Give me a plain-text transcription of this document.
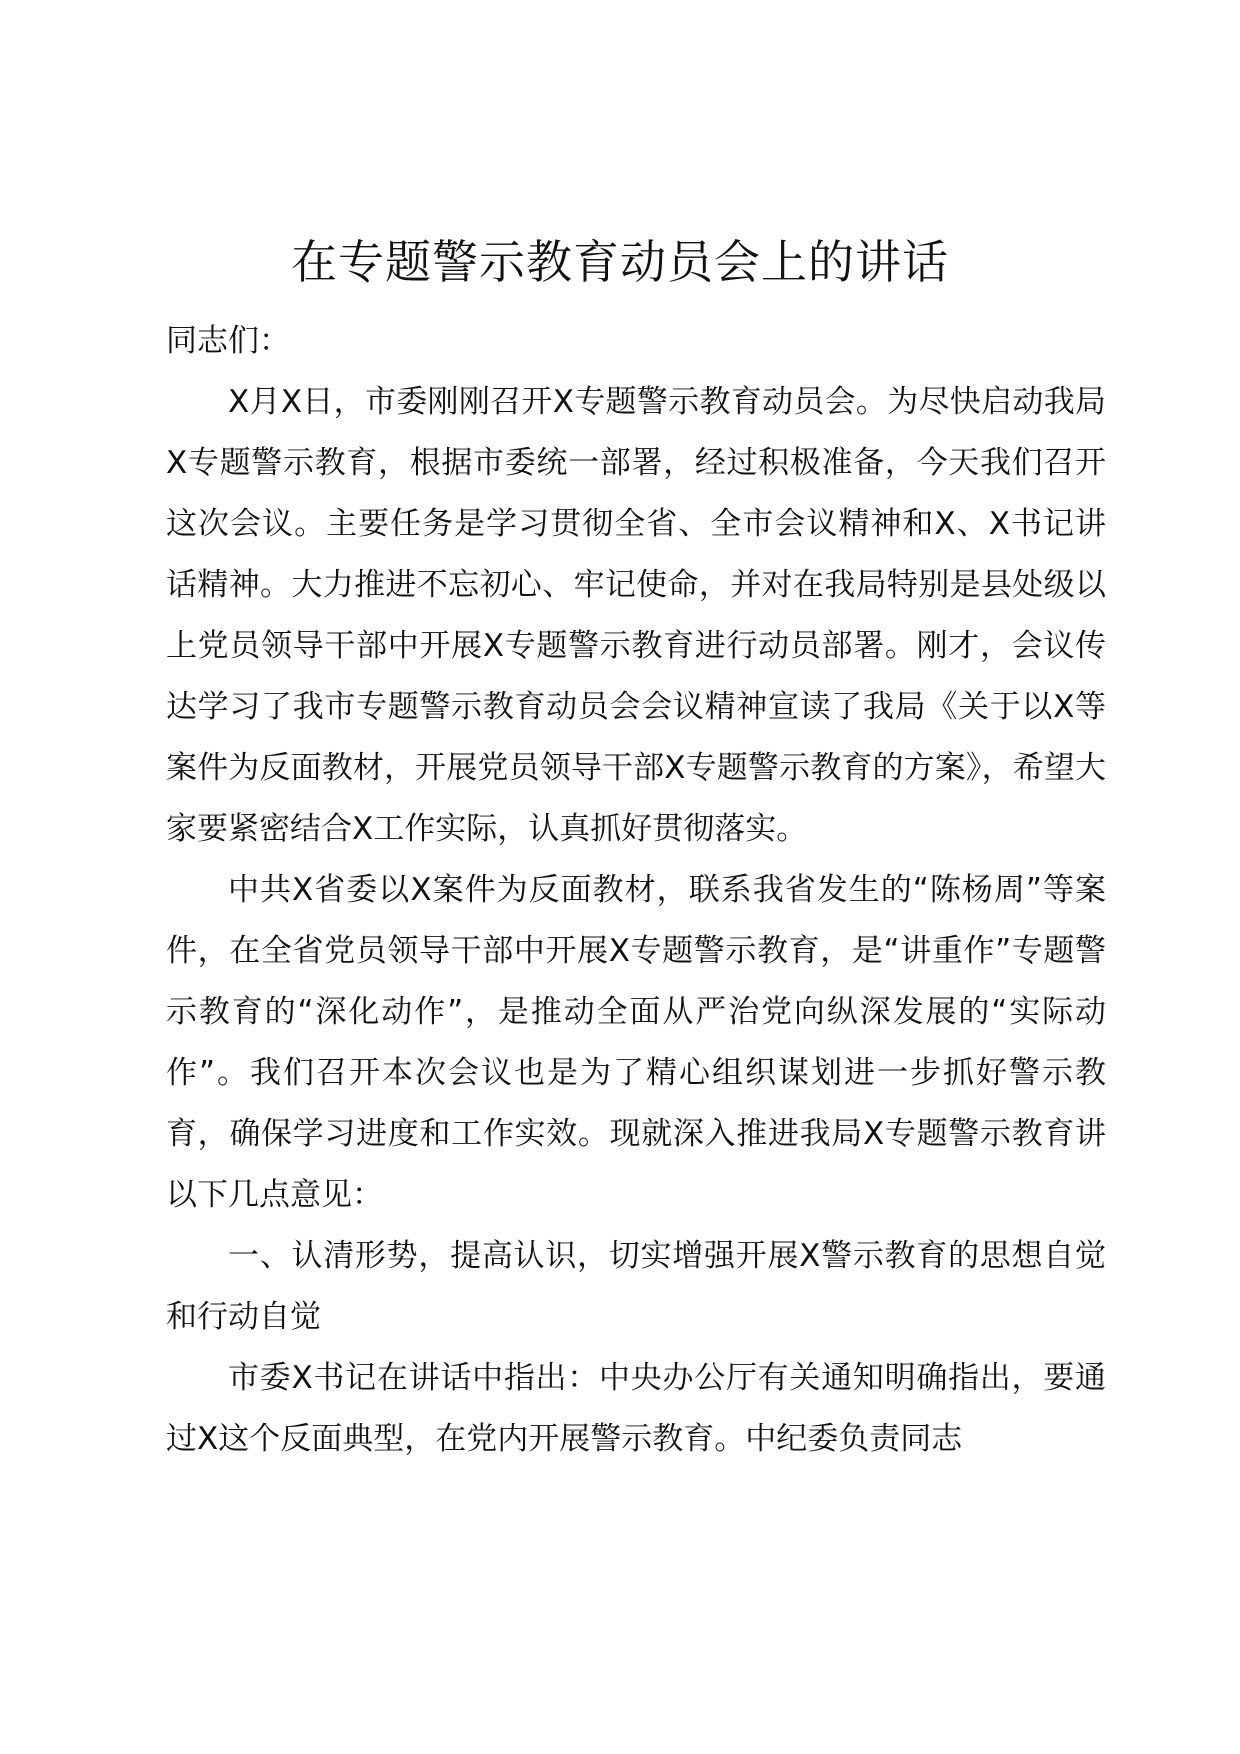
在专题警示教育动员会上的讲话

同志们：

X月X日，市委刚刚召开X专题警示教育动员会。为尽快启动我局X专题警示教育，根据市委统一部署，经过积极准备，今天我们召开这次会议。主要任务是学习贯彻全省、全市会议精神和X、X书记讲话精神。大力推进不忘初心、牢记使命，并对在我局特别是县处级以上党员领导干部中开展X专题警示教育进行动员部署。刚才，会议传达学习了我市专题警示教育动员会会议精神宣读了我局《关于以X等案件为反面教材，开展党员领导干部X专题警示教育的方案》，希望大家要紧密结合X工作实际，认真抓好贯彻落实。

中共X省委以X案件为反面教材，联系我省发生的“陈杨周”等案件，在全省党员领导干部中开展X专题警示教育，是“讲重作”专题警示教育的“深化动作”，是推动全面从严治党向纵深发展的“实际动作”。我们召开本次会议也是为了精心组织谋划进一步抓好警示教育，确保学习进度和工作实效。现就深入推进我局X专题警示教育讲以下几点意见：

一、认清形势，提高认识，切实增强开展X警示教育的思想自觉和行动自觉

市委X书记在讲话中指出：中央办公厅有关通知明确指出，要通过X这个反面典型，在党内开展警示教育。中纪委负责同志
